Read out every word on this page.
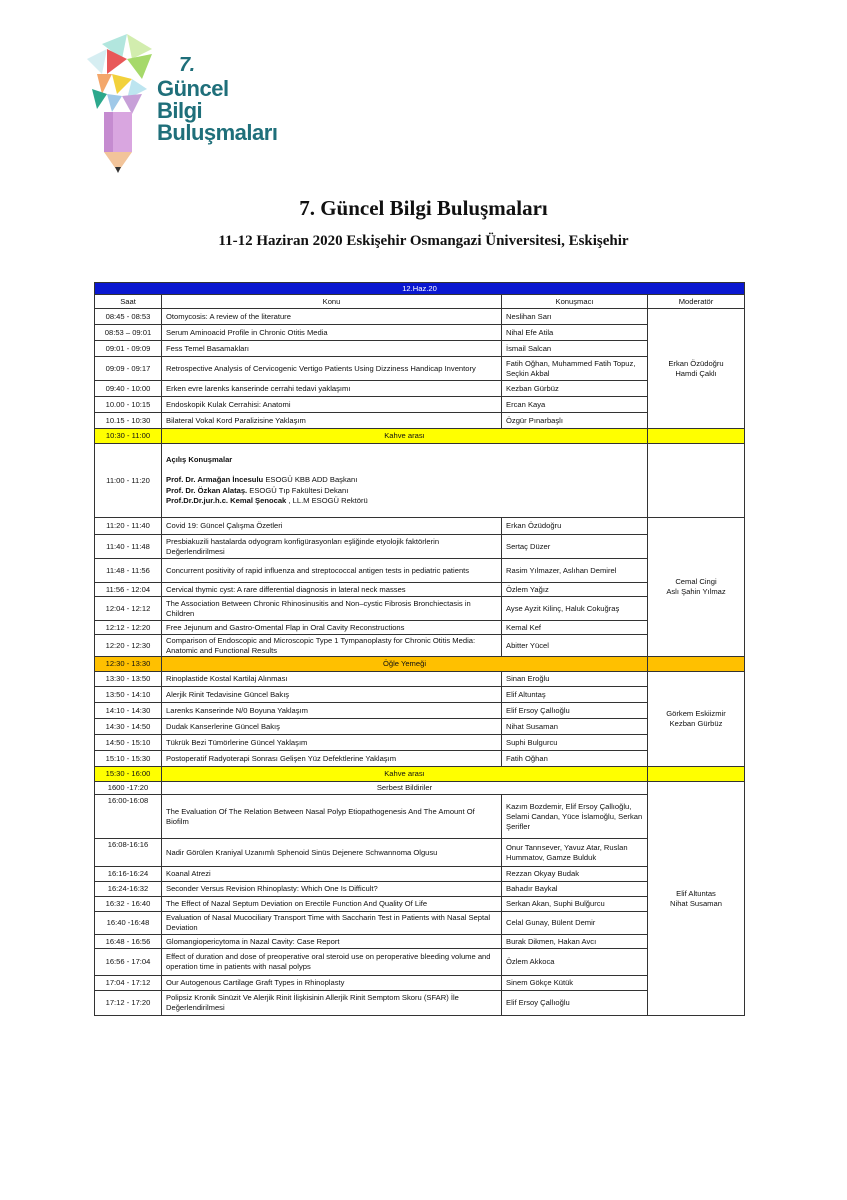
7.
Güncel
Bilgi
Buluşmaları
7. Güncel Bilgi Buluşmaları
11-12 Haziran 2020 Eskişehir Osmangazi Üniversitesi, Eskişehir
12.Haz.20			
Saat	Konu	Konuşmacı	Moderatör
08:45 - 08:53	Otomycosis: A review of the literature	Neslihan Sarı	Erkan Özüdoğru
Hamdi Çaklı

08:53 – 09:01	Serum Aminoacid Profile in Chronic Otitis Media	Nihal Efe Atila	
09:01 - 09:09	Fess Temel Basamakları	İsmail Salcan	
09:09 - 09:17	Retrospective Analysis of Cervicogenic Vertigo Patients Using Dizziness Handicap Inventory	Fatih Oğhan, Muhammed Fatih Topuz, Seçkin Akbal	
09:40 - 10:00	Erken evre larenks kanserinde cerrahi tedavi yaklaşımı	Kezban Gürbüz	
10.00 - 10:15	Endoskopik Kulak Cerrahisi: Anatomi	Ercan Kaya	
10.15 - 10:30	Bilateral Vokal Kord Paralizisine Yaklaşım	Özgür Pınarbaşlı	
10:30 - 11:00	Kahve arası		
11:00 - 11:20	Açılış Konuşmalar
Prof. Dr. Armağan İncesulu ESOGÜ KBB ADD Başkanı
Prof. Dr. Özkan Alataş. ESOGÜ Tıp Fakültesi Dekanı
Prof.Dr.Dr.jur.h.c. Kemal Şenocak , LL.M ESOGÜ Rektörü		

11:20 - 11:40	Covid 19: Güncel Çalışma Özetleri	Erkan Özüdoğru	Cemal Cingi
Aslı Şahin Yılmaz

11:40 - 11:48	Presbiakuzili hastalarda odyogram konfigürasyonları eşliğinde etyolojik faktörlerin Değerlendirilmesi	Sertaç Düzer	
11:48 - 11:56	Concurrent positivity of rapid influenza and streptococcal antigen tests in pediatric patients	Rasim Yılmazer, Aslıhan Demirel	
11:56 - 12:04	Cervical thymic cyst: A rare differential diagnosis in lateral neck masses	Özlem Yağız	
12:04 - 12:12	The Association Between Chronic Rhinosinusitis and Non–cystic Fibrosis Bronchiectasis in Children	Ayse Ayzit Kilinç, Haluk Cokuğraş	
12:12 - 12:20	Free Jejunum and Gastro-Omental Flap in Oral Cavity Reconstructions	Kemal Kef	
12:20 - 12:30	Comparison of Endoscopic and Microscopic Type 1 Tympanoplasty for Chronic Otitis Media: Anatomic and Functional Results	Abitter Yücel	
12:30 - 13:30	Öğle Yemeği		
13:30 - 13:50	Rinoplastide Kostal Kartilaj Alınması	Sinan Eroğlu	Görkem Eskiizmir
Kezban Gürbüz

13:50 - 14:10	Alerjik Rinit Tedavisine Güncel Bakış	Elif Altuntaş	
14:10 - 14:30	Larenks Kanserinde N/0 Boyuna Yaklaşım	Elif Ersoy Çallıoğlu	
14:30 - 14:50	Dudak Kanserlerine Güncel Bakış	Nihat Susaman	
14:50 - 15:10	Tükrük Bezi Tümörlerine Güncel Yaklaşım	Suphi Bulgurcu	
15:10 - 15:30	Postoperatif Radyoterapi Sonrası Gelişen Yüz Defektlerine Yaklaşım	Fatih Oğhan	
15:30 - 16:00	Kahve arası		
1600 -17:20	Serbest Bildiriler		Elif Altuntas
Nihat Susaman

16:00-16:08	The Evaluation Of The Relation Between Nasal Polyp Etiopathogenesis And The Amount Of Biofilm	Kazım Bozdemir, Elif Ersoy Çallıoğlu, Selami Candan, Yüce İslamoğlu, Serkan Şerifler	
16:08-16:16	Nadir Görülen Kraniyal Uzanımlı Sphenoid Sinüs Dejenere Schwannoma Olgusu	Onur Tanrısever, Yavuz Atar, Ruslan Hummatov, Gamze Bulduk	
16:16-16:24	Koanal Atrezi	Rezzan Okyay Budak	
16:24-16:32	Seconder Versus Revision Rhinoplasty: Which One Is Difficult?	Bahadır Baykal	
16:32 - 16:40	The Effect of Nazal Septum Deviation on Erectile Function And Quality Of Life	Serkan Akan, Suphi Bulğurcu	
16:40 -16:48	Evaluation of Nasal Mucociliary Transport Time with Saccharin Test in Patients with Nasal Septal Deviation	Celal Gunay, Bülent Demir	
16:48 - 16:56	Glomangiopericytoma in Nazal Cavity: Case Report	Burak Dikmen, Hakan Avcı	
16:56 - 17:04	Effect of duration and dose of preoperative oral steroid use on peroperative bleeding volume and operation time in patients with nasal polyps	Özlem Akkoca	
17:04 - 17:12	Our Autogenous Cartilage Graft Types in Rhinoplasty	Sinem Gökçe Kütük	
17:12 - 17:20	Polipsiz Kronik Sinüzit Ve Alerjik Rinit İlişkisinin Allerjik Rinit Semptom Skoru (SFAR) İle Değerlendirilmesi	Elif Ersoy Çallıoğlu	
